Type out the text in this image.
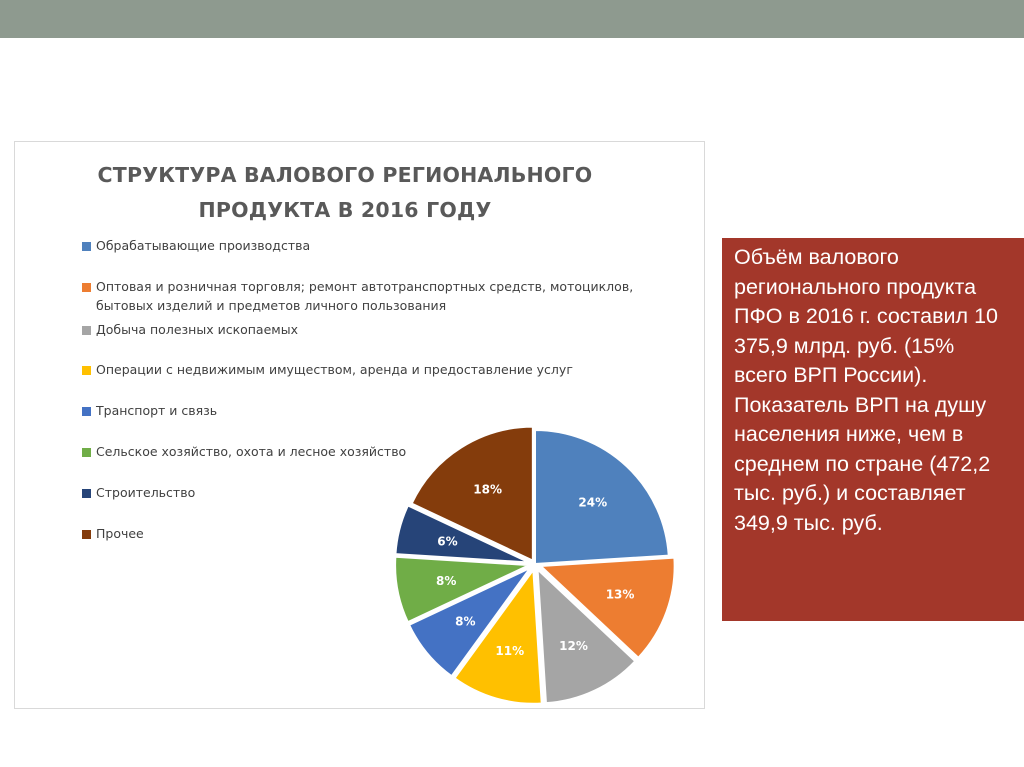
СТРУКТУРА ВАЛОВОГО РЕГИОНАЛЬНОГО
ПРОДУКТА В 2016 ГОДУ
Обрабатывающие производства
Оптовая и розничная торговля; ремонт автотранспортных средств, мотоциклов,
бытовых изделий и предметов личного пользования
Добыча полезных ископаемых
Операции с недвижимым имуществом, аренда и предоставление услуг
Транспорт и связь
Сельское хозяйство, охота и лесное хозяйство
Строительство
Прочее
24%
13%
12%
11%
8%
8%
6%
18%

Объём валового регионального продукта ПФО в 2016 г. составил 10 375,9 млрд. руб. (15% всего ВРП России). Показатель ВРП на душу населения ниже, чем в среднем по стране (472,2 тыс. руб.) и составляет 349,9 тыс. руб.
